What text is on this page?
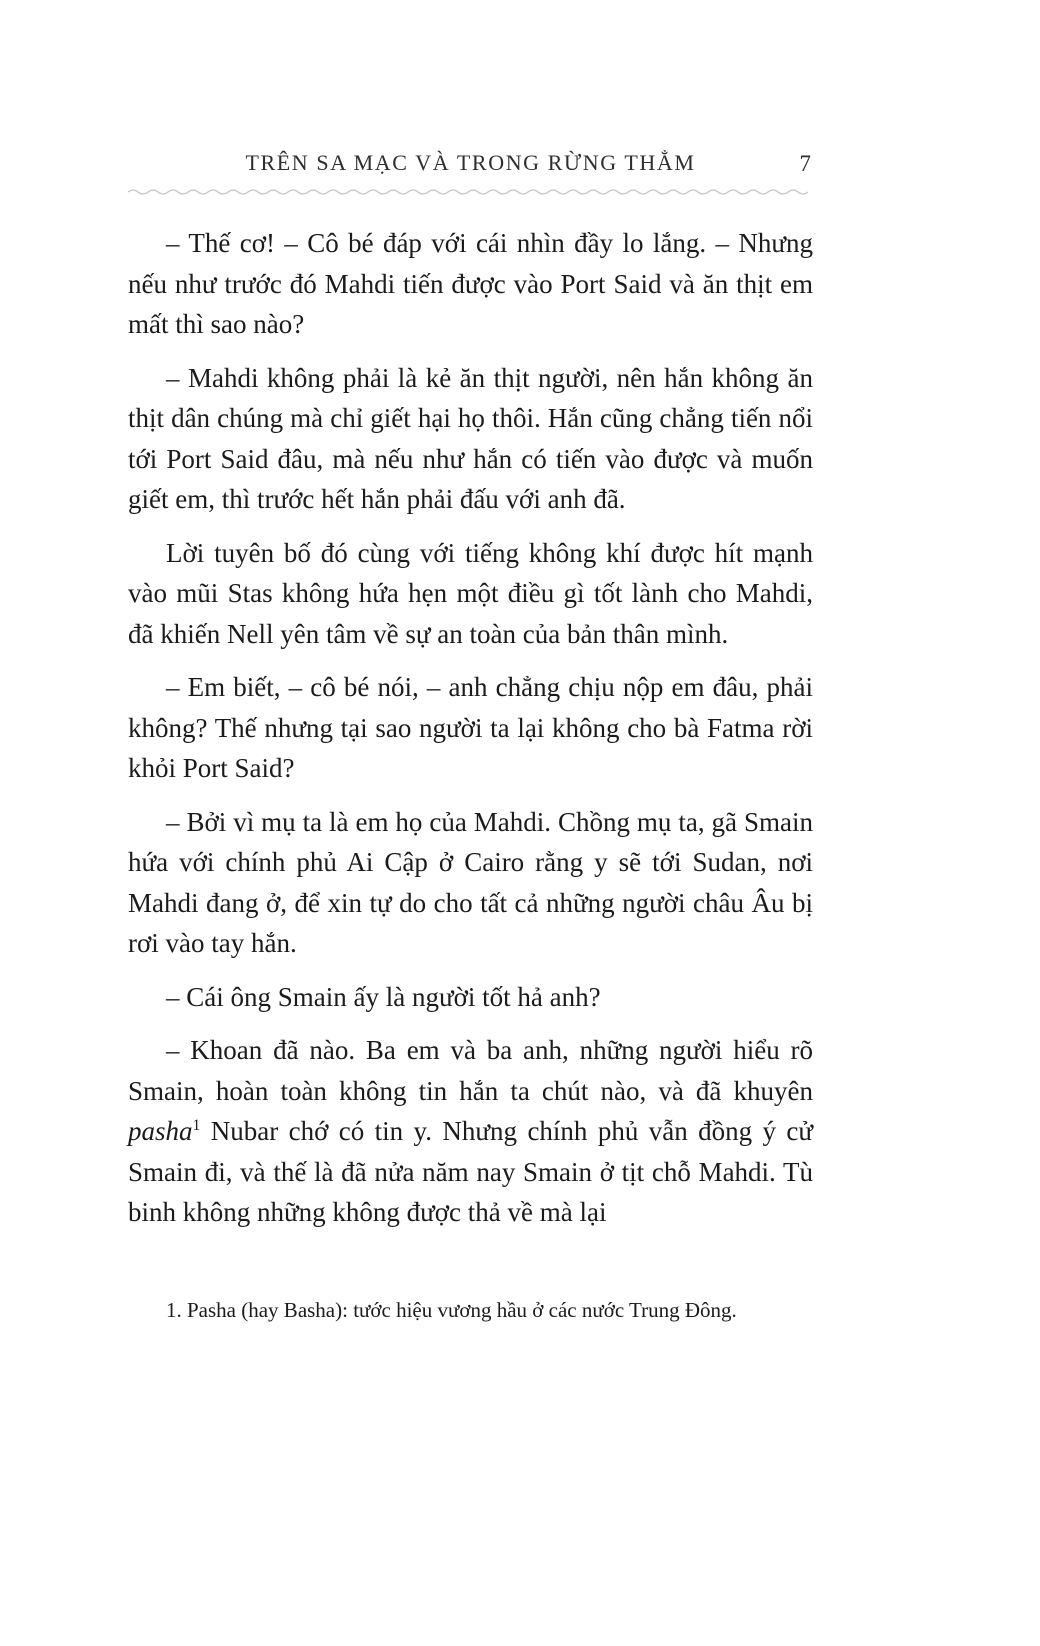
TRÊN SA MẠC VÀ TRONG RỪNG THẲM	7

– Thế cơ! – Cô bé đáp với cái nhìn đầy lo lắng. – Nhưng nếu như trước đó Mahdi tiến được vào Port Said và ăn thịt em mất thì sao nào?

– Mahdi không phải là kẻ ăn thịt người, nên hắn không ăn thịt dân chúng mà chỉ giết hại họ thôi. Hắn cũng chẳng tiến nổi tới Port Said đâu, mà nếu như hắn có tiến vào được và muốn giết em, thì trước hết hắn phải đấu với anh đã.

Lời tuyên bố đó cùng với tiếng không khí được hít mạnh vào mũi Stas không hứa hẹn một điều gì tốt lành cho Mahdi, đã khiến Nell yên tâm về sự an toàn của bản thân mình.

– Em biết, – cô bé nói, – anh chẳng chịu nộp em đâu, phải không? Thế nhưng tại sao người ta lại không cho bà Fatma rời khỏi Port Said?

– Bởi vì mụ ta là em họ của Mahdi. Chồng mụ ta, gã Smain hứa với chính phủ Ai Cập ở Cairo rằng y sẽ tới Sudan, nơi Mahdi đang ở, để xin tự do cho tất cả những người châu Âu bị rơi vào tay hắn.

– Cái ông Smain ấy là người tốt hả anh?

– Khoan đã nào. Ba em và ba anh, những người hiểu rõ Smain, hoàn toàn không tin hắn ta chút nào, và đã khuyên pasha$^1$ Nubar chớ có tin y. Nhưng chính phủ vẫn đồng ý cử Smain đi, và thế là đã nửa năm nay Smain ở tịt chỗ Mahdi. Tù binh không những không được thả về mà lại

1. Pasha (hay Basha): tước hiệu vương hầu ở các nước Trung Đông.
